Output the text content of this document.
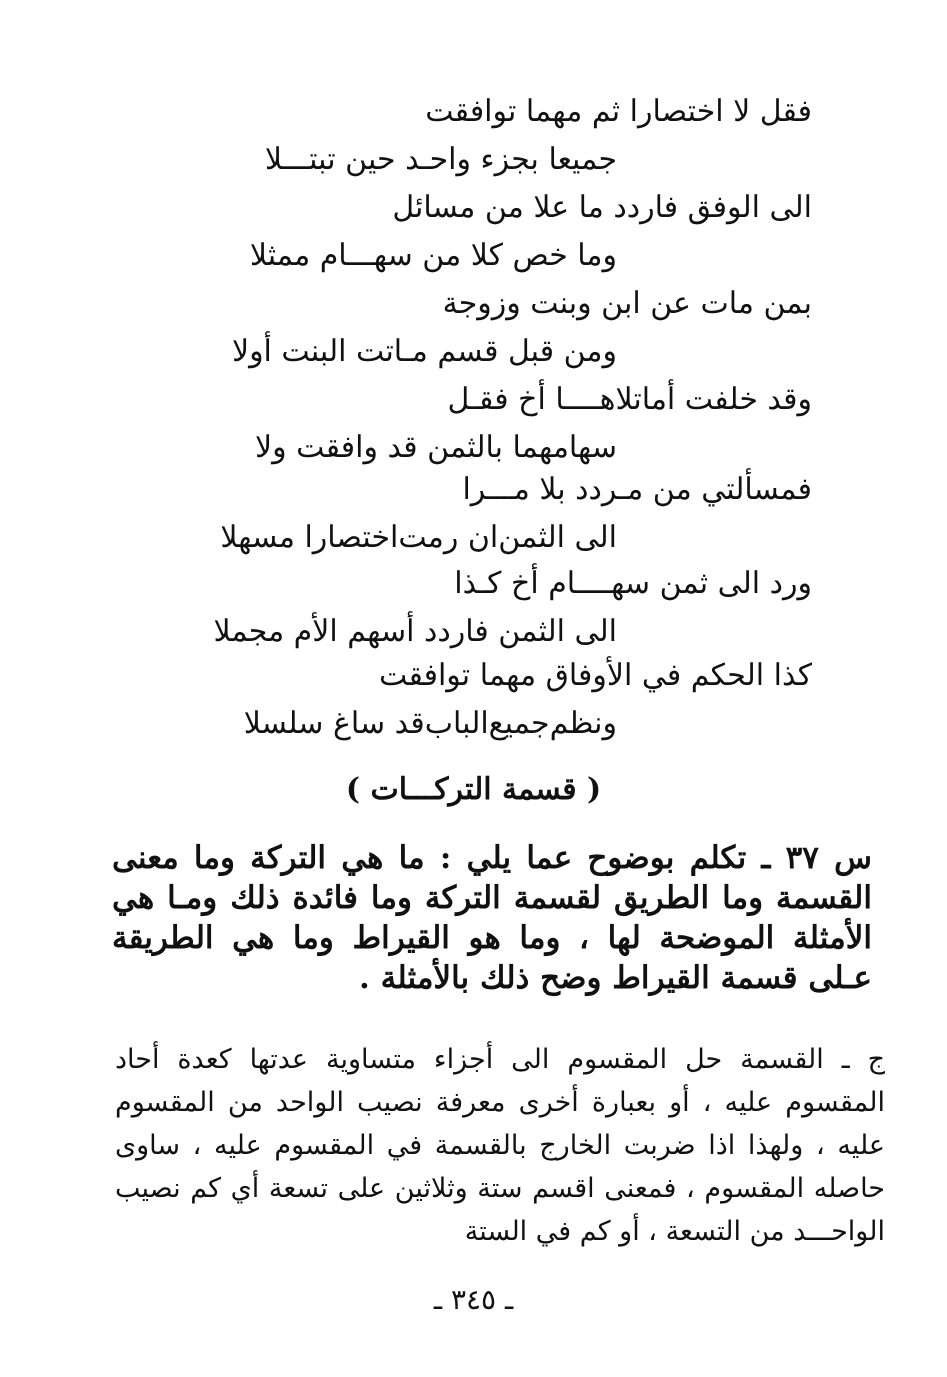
فقل لا اختصارا ثم مهما توافقت
جميعا بجزء واحـد حين تبتـــلا
الى الوفق فاردد ما علا من مسائل
وما خص كلا من سهـــام ممثلا
بمن مات عن ابن وبنت وزوجة
ومن قبل قسم مـاتت البنت أولا
وقد خلفت أماتلاهــــا أخ فقـل
سهامهما بالثمن قد وافقت ولا
فمسألتي من مـردد بلا مـــرا
الى الثمن‌ان رمت‌اختصارا مسهلا
ورد الى ثمن سهــــام أخ كـذا
الى الثمن فاردد أسهم الأم مجملا
كذا الحكم في الأوفاق مهما توافقت
ونظم‌جميع‌الباب‌قد ساغ سلسلا
( قسمة التركـــات )
س ٣٧ ـ تكلم بوضوح عما يلي : ما هي التركة وما معنى القسمة وما الطريق لقسمة التركة وما فائدة ذلك ومـا هي الأمثلة الموضحة لها ، وما هو القيراط وما هي الطريقة عـلى قسمة القيراط وضح ذلك بالأمثلة .
ج ـ القسمة حل المقسوم الى أجزاء متساوية عدتها كعدة أحاد المقسوم عليه ، أو بعبارة أخرى معرفة نصيب الواحد من المقسوم عليه ، ولهذا اذا ضربت الخارج بالقسمة في المقسوم عليه ، ساوى حاصله المقسوم ، فمعنى اقسم ستة وثلاثين على تسعة أي كم نصيب الواحـــد من التسعة ، أو كم في الستة
ـ ٣٤٥ ـ
